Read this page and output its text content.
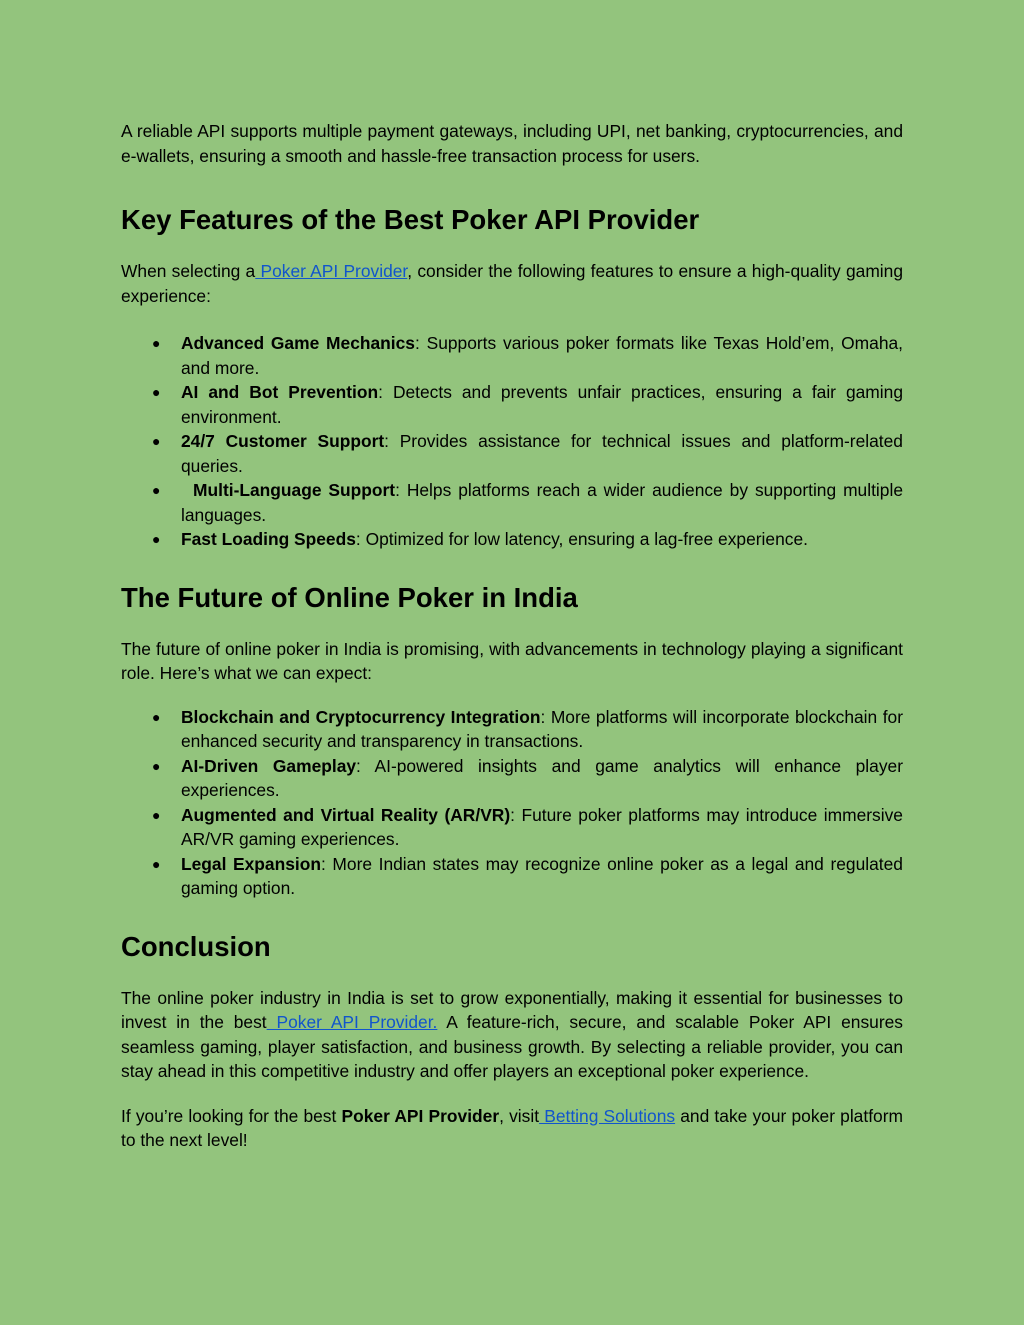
A reliable API supports multiple payment gateways, including UPI, net banking, cryptocurrencies, and e-wallets, ensuring a smooth and hassle-free transaction process for users.

Key Features of the Best Poker API Provider

When selecting a Poker API Provider, consider the following features to ensure a high-quality gaming experience:

● Advanced Game Mechanics: Supports various poker formats like Texas Hold’em, Omaha, and more.
● AI and Bot Prevention: Detects and prevents unfair practices, ensuring a fair gaming environment.
● 24/7 Customer Support: Provides assistance for technical issues and platform-related queries.
● Multi-Language Support: Helps platforms reach a wider audience by supporting multiple languages.
● Fast Loading Speeds: Optimized for low latency, ensuring a lag-free experience.
The Future of Online Poker in India

The future of online poker in India is promising, with advancements in technology playing a significant role. Here’s what we can expect:

● Blockchain and Cryptocurrency Integration: More platforms will incorporate blockchain for enhanced security and transparency in transactions.
● AI-Driven Gameplay: AI-powered insights and game analytics will enhance player experiences.
● Augmented and Virtual Reality (AR/VR): Future poker platforms may introduce immersive AR/VR gaming experiences.
● Legal Expansion: More Indian states may recognize online poker as a legal and regulated gaming option.
Conclusion

The online poker industry in India is set to grow exponentially, making it essential for businesses to invest in the best Poker API Provider. A feature-rich, secure, and scalable Poker API ensures seamless gaming, player satisfaction, and business growth. By selecting a reliable provider, you can stay ahead in this competitive industry and offer players an exceptional poker experience.

If you’re looking for the best Poker API Provider, visit Betting Solutions and take your poker platform to the next level!
